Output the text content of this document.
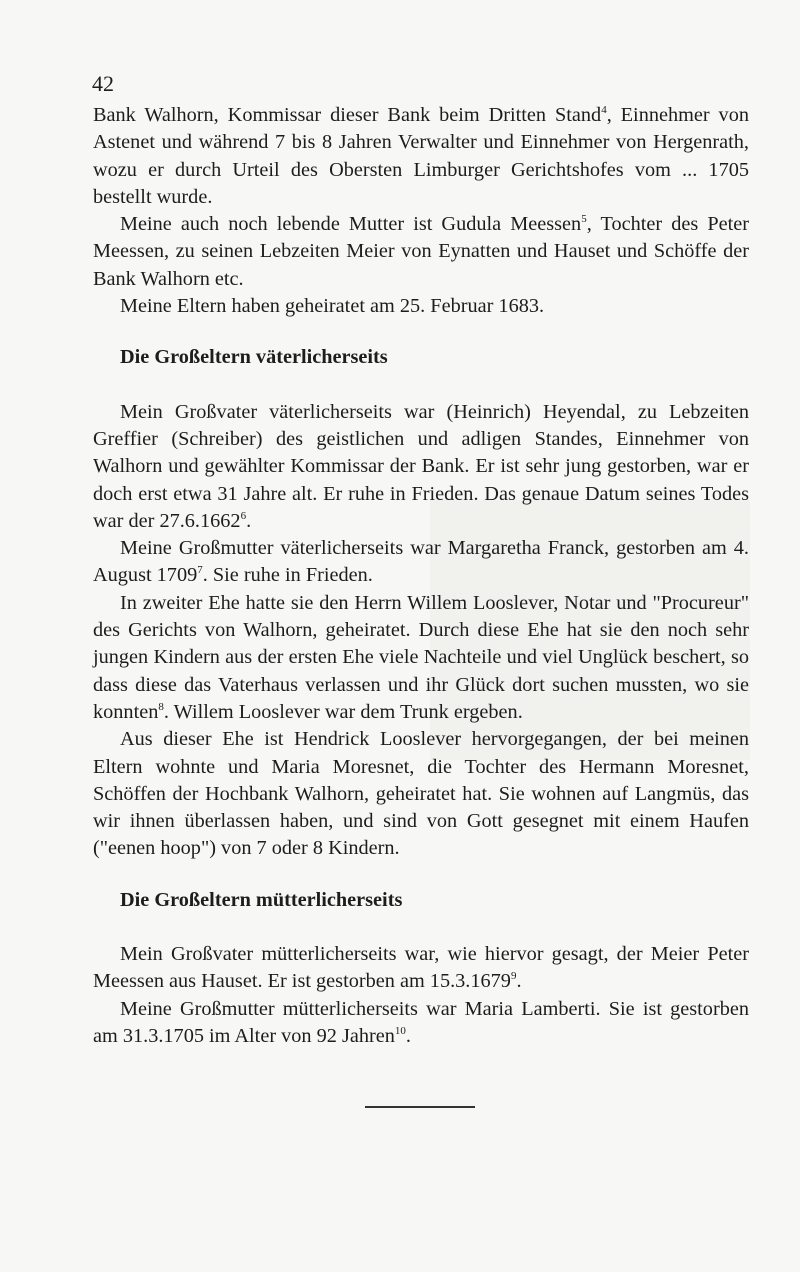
42

Bank Walhorn, Kommissar dieser Bank beim Dritten Stand$^4$, Einnehmer von Astenet und während 7 bis 8 Jahren Verwalter und Einnehmer von Hergenrath, wozu er durch Urteil des Obersten Limburger Gerichtshofes vom ... 1705 bestellt wurde.

Meine auch noch lebende Mutter ist Gudula Meessen$^5$, Tochter des Peter Meessen, zu seinen Lebzeiten Meier von Eynatten und Hauset und Schöffe der Bank Walhorn etc.

Meine Eltern haben geheiratet am 25. Februar 1683.

Die Großeltern väterlicherseits

Mein Großvater väterlicherseits war (Heinrich) Heyendal, zu Lebzeiten Greffier (Schreiber) des geistlichen und adligen Standes, Einnehmer von Walhorn und gewählter Kommissar der Bank. Er ist sehr jung gestorben, war er doch erst etwa 31 Jahre alt. Er ruhe in Frieden. Das genaue Datum seines Todes war der 27.6.1662$^6$.

Meine Großmutter väterlicherseits war Margaretha Franck, gestorben am 4. August 1709$^7$. Sie ruhe in Frieden.

In zweiter Ehe hatte sie den Herrn Willem Looslever, Notar und "Procureur" des Gerichts von Walhorn, geheiratet. Durch diese Ehe hat sie den noch sehr jungen Kindern aus der ersten Ehe viele Nachteile und viel Unglück beschert, so dass diese das Vaterhaus verlassen und ihr Glück dort suchen mussten, wo sie konnten$^8$. Willem Looslever war dem Trunk ergeben.

Aus dieser Ehe ist Hendrick Looslever hervorgegangen, der bei meinen Eltern wohnte und Maria Moresnet, die Tochter des Hermann Moresnet, Schöffen der Hochbank Walhorn, geheiratet hat. Sie wohnen auf Langmüs, das wir ihnen überlassen haben, und sind von Gott gesegnet mit einem Haufen ("eenen hoop") von 7 oder 8 Kindern.

Die Großeltern mütterlicherseits

Mein Großvater mütterlicherseits war, wie hiervor gesagt, der Meier Peter Meessen aus Hauset. Er ist gestorben am 15.3.1679$^9$.

Meine Großmutter mütterlicherseits war Maria Lamberti. Sie ist gestorben am 31.3.1705 im Alter von 92 Jahren$^{10}$.
